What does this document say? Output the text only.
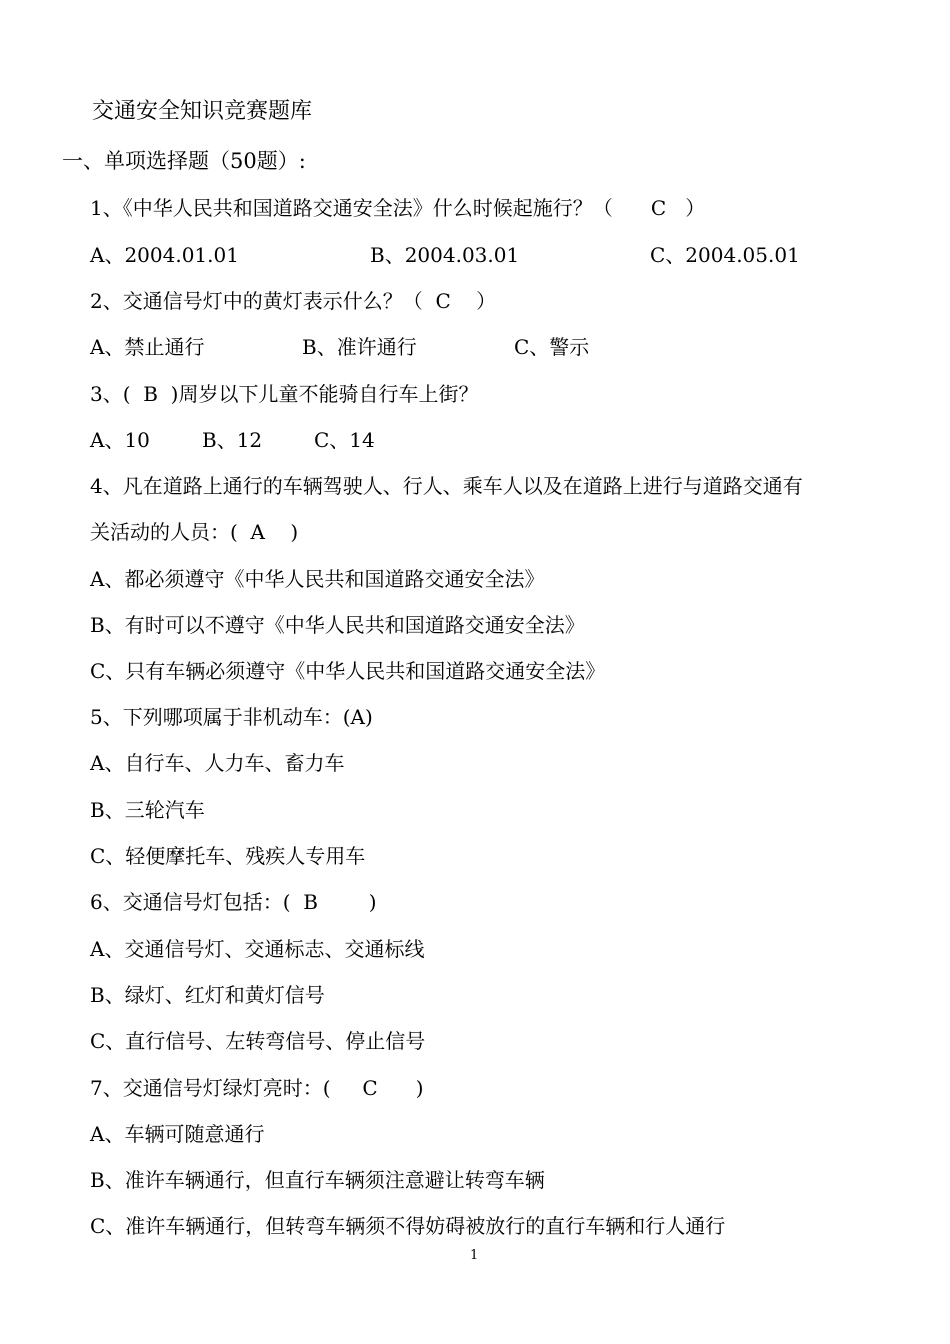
交通安全知识竞赛题库
一、单项选择题（50题）:
1、《中华人民共和国道路交通安全法》什么时候起施行？（      C   ）
A、2004.01.01	B、2004.03.01	C、2004.05.01
2、交通信号灯中的黄灯表示什么？（  C    ）
A、禁止通行	B、准许通行	C、警示
3、(  B  )周岁以下儿童不能骑自行车上街？
A、10	B、12	C、14
4、凡在道路上通行的车辆驾驶人、行人、乘车人以及在道路上进行与道路交通有
关活动的人员：(  A    )
A、都必须遵守《中华人民共和国道路交通安全法》
B、有时可以不遵守《中华人民共和国道路交通安全法》
C、只有车辆必须遵守《中华人民共和国道路交通安全法》
5、下列哪项属于非机动车：(A)
A、自行车、人力车、畜力车
B、三轮汽车
C、轻便摩托车、残疾人专用车
6、交通信号灯包括：(  B        )
A、交通信号灯、交通标志、交通标线
B、绿灯、红灯和黄灯信号
C、直行信号、左转弯信号、停止信号
7、交通信号灯绿灯亮时：(     C      )
A、车辆可随意通行
B、准许车辆通行，但直行车辆须注意避让转弯车辆
C、准许车辆通行，但转弯车辆须不得妨碍被放行的直行车辆和行人通行
1
